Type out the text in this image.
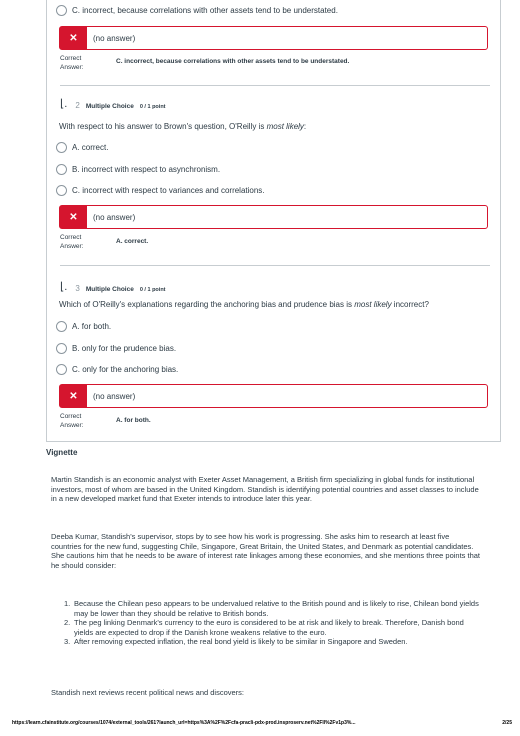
C. incorrect, because correlations with other assets tend to be understated.
✕	(no answer)
Correct
Answer:
C. incorrect, because correlations with other assets tend to be understated.
⌊. 2 Multiple Choice 0 / 1 point
With respect to his answer to Brown's question, O'Reilly is most likely:
A. correct.
B. incorrect with respect to asynchronism.
C. incorrect with respect to variances and correlations.
✕	(no answer)
Correct
Answer:
A. correct.
⌊. 3 Multiple Choice 0 / 1 point
Which of O'Reilly's explanations regarding the anchoring bias and prudence bias is most likely incorrect?
A. for both.
B. only for the prudence bias.
C. only for the anchoring bias.
✕	(no answer)
Correct
Answer:
A. for both.
Vignette

Martin Standish is an economic analyst with Exeter Asset Management, a British firm specializing in global funds for institutional investors, most of whom are based in the United Kingdom. Standish is identifying potential countries and asset classes to include in a new developed market fund that Exeter intends to introduce later this year.

Deeba Kumar, Standish's supervisor, stops by to see how his work is progressing. She asks him to research at least five countries for the new fund, suggesting Chile, Singapore, Great Britain, the United States, and Denmark as potential candidates. She cautions him that he needs to be aware of interest rate linkages among these economies, and she mentions three points that he should consider:

1. Because the Chilean peso appears to be undervalued relative to the British pound and is likely to rise, Chilean bond yields may be lower than they should be relative to British bonds.
2. The peg linking Denmark's currency to the euro is considered to be at risk and likely to break. Therefore, Danish bond yields are expected to drop if the Danish krone weakens relative to the euro.
3. After removing expected inflation, the real bond yield is likely to be similar in Singapore and Sweden.

Standish next reviews recent political news and discovers:

https://learn.cfainstitute.org/courses/1074/external_tools/261?launch_url=https%3A%2F%2Fcfa-pracli-pdx-prod.insproserv.net%2Fll%2Fv1p3%...	2/25
